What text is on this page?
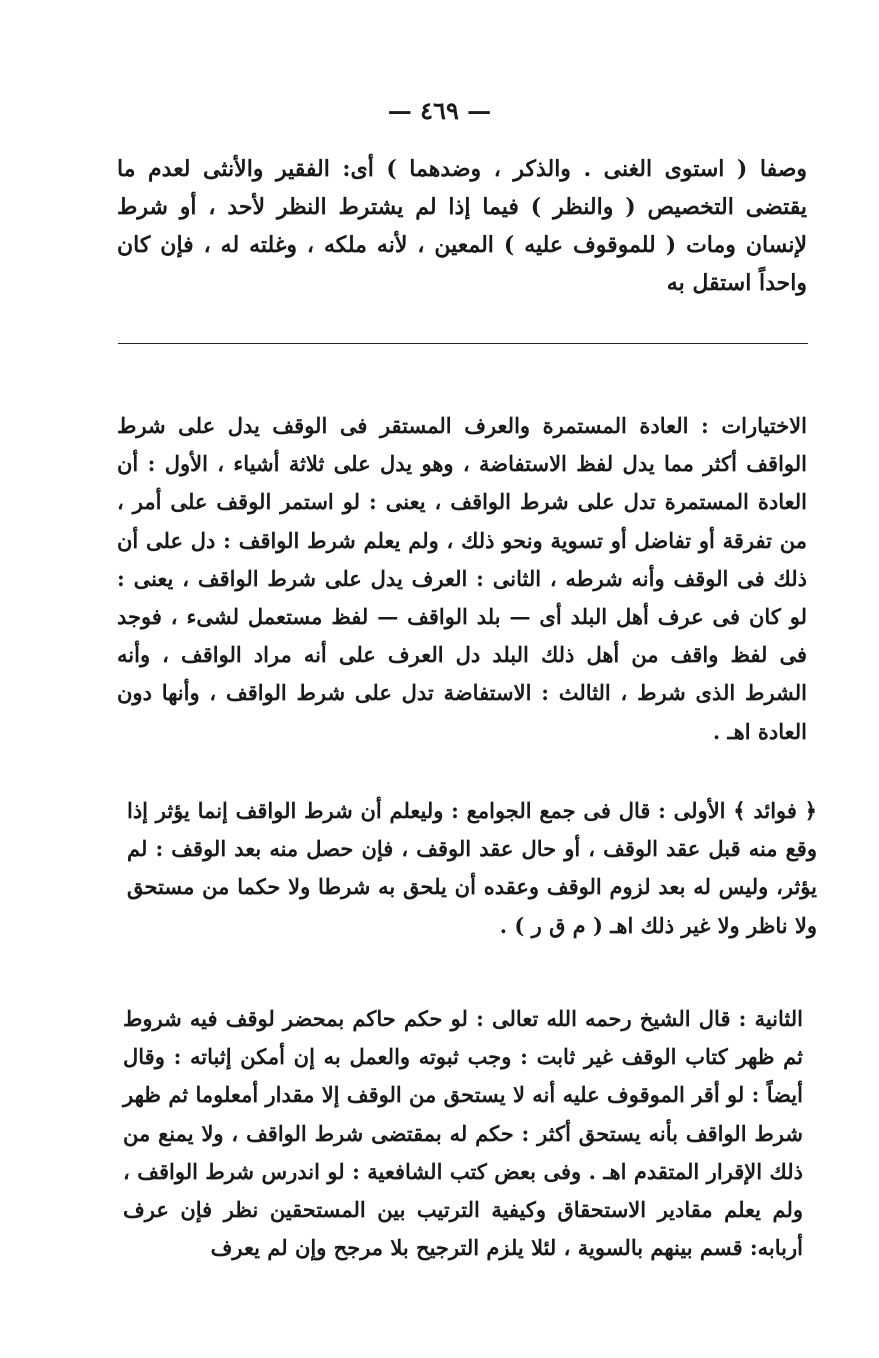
— ٤٦٩ —

وصفا ( استوى الغنى . والذكر ، وضدهما ) أى: الفقير والأنثى لعدم ما يقتضى التخصيص ( والنظر ) فيما إذا لم يشترط النظر لأحد ، أو شرط لإنسان ومات ( للموقوف عليه ) المعين ، لأنه ملكه ، وغلته له ، فإن كان واحداً استقل به

الاختيارات : العادة المستمرة والعرف المستقر فى الوقف يدل على شرط الواقف أكثر مما يدل لفظ الاستفاضة ، وهو يدل على ثلاثة أشياء ، الأول : أن العادة المستمرة تدل على شرط الواقف ، يعنى : لو استمر الوقف على أمر ، من تفرقة أو تفاضل أو تسوية ونحو ذلك ، ولم يعلم شرط الواقف : دل على أن ذلك فى الوقف وأنه شرطه ، الثانى : العرف يدل على شرط الواقف ، يعنى : لو كان فى عرف أهل البلد أى — بلد الواقف — لفظ مستعمل لشىء ، فوجد فى لفظ واقف من أهل ذلك البلد دل العرف على أنه مراد الواقف ، وأنه الشرط الذى شرط ، الثالث : الاستفاضة تدل على شرط الواقف ، وأنها دون العادة اهـ .

﴿ فوائد ﴾ الأولى : قال فى جمع الجوامع : وليعلم أن شرط الواقف إنما يؤثر إذا وقع منه قبل عقد الوقف ، أو حال عقد الوقف ، فإن حصل منه بعد الوقف : لم يؤثر، وليس له بعد لزوم الوقف وعقده أن يلحق به شرطا ولا حكما من مستحق ولا ناظر ولا غير ذلك اهـ ( م ق ر ) .

الثانية : قال الشيخ رحمه الله تعالى : لو حكم حاكم بمحضر لوقف فيه شروط ثم ظهر كتاب الوقف غير ثابت : وجب ثبوته والعمل به إن أمكن إثباته : وقال أيضاً : لو أقر الموقوف عليه أنه لا يستحق من الوقف إلا مقدار أمعلوما ثم ظهر شرط الواقف بأنه يستحق أكثر : حكم له بمقتضى شرط الواقف ، ولا يمنع من ذلك الإقرار المتقدم اهـ . وفى بعض كتب الشافعية : لو اندرس شرط الواقف ، ولم يعلم مقادير الاستحقاق وكيفية الترتيب بين المستحقين نظر فإن عرف أربابه: قسم بينهم بالسوية ، لئلا يلزم الترجيح بلا مرجح وإن لم يعرف
